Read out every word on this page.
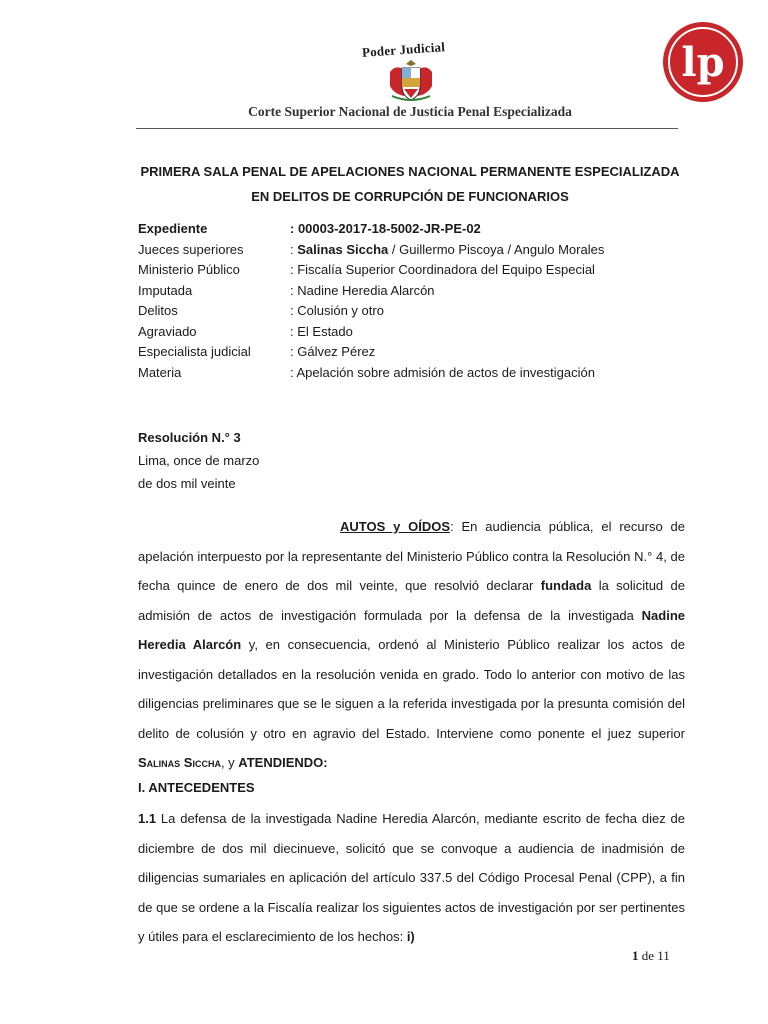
Poder Judicial
Corte Superior Nacional de Justicia Penal Especializada
lp
PRIMERA SALA PENAL DE APELACIONES NACIONAL PERMANENTE ESPECIALIZADA
EN DELITOS DE CORRUPCIÓN DE FUNCIONARIOS
Expediente	: 00003-2017-18-5002-JR-PE-02
Jueces superiores	: Salinas Siccha / Guillermo Piscoya / Angulo Morales
Ministerio Público	: Fiscalía Superior Coordinadora del Equipo Especial
Imputada	: Nadine Heredia Alarcón
Delitos	: Colusión y otro
Agraviado	: El Estado
Especialista judicial	: Gálvez Pérez
Materia	: Apelación sobre admisión de actos de investigación
Resolución N.° 3
Lima, once de marzo
de dos mil veinte
AUTOS y OÍDOS: En audiencia pública, el recurso de apelación interpuesto por la representante del Ministerio Público contra la Resolución N.° 4, de fecha quince de enero de dos mil veinte, que resolvió declarar fundada la solicitud de admisión de actos de investigación formulada por la defensa de la investigada Nadine Heredia Alarcón y, en consecuencia, ordenó al Ministerio Público realizar los actos de investigación detallados en la resolución venida en grado. Todo lo anterior con motivo de las diligencias preliminares que se le siguen a la referida investigada por la presunta comisión del delito de colusión y otro en agravio del Estado. Interviene como ponente el juez superior Salinas Siccha, y ATENDIENDO:
I. ANTECEDENTES
1.1 La defensa de la investigada Nadine Heredia Alarcón, mediante escrito de fecha diez de diciembre de dos mil diecinueve, solicitó que se convoque a audiencia de inadmisión de diligencias sumariales en aplicación del artículo 337.5 del Código Procesal Penal (CPP), a fin de que se ordene a la Fiscalía realizar los siguientes actos de investigación por ser pertinentes y útiles para el esclarecimiento de los hechos: i)
1 de 11
